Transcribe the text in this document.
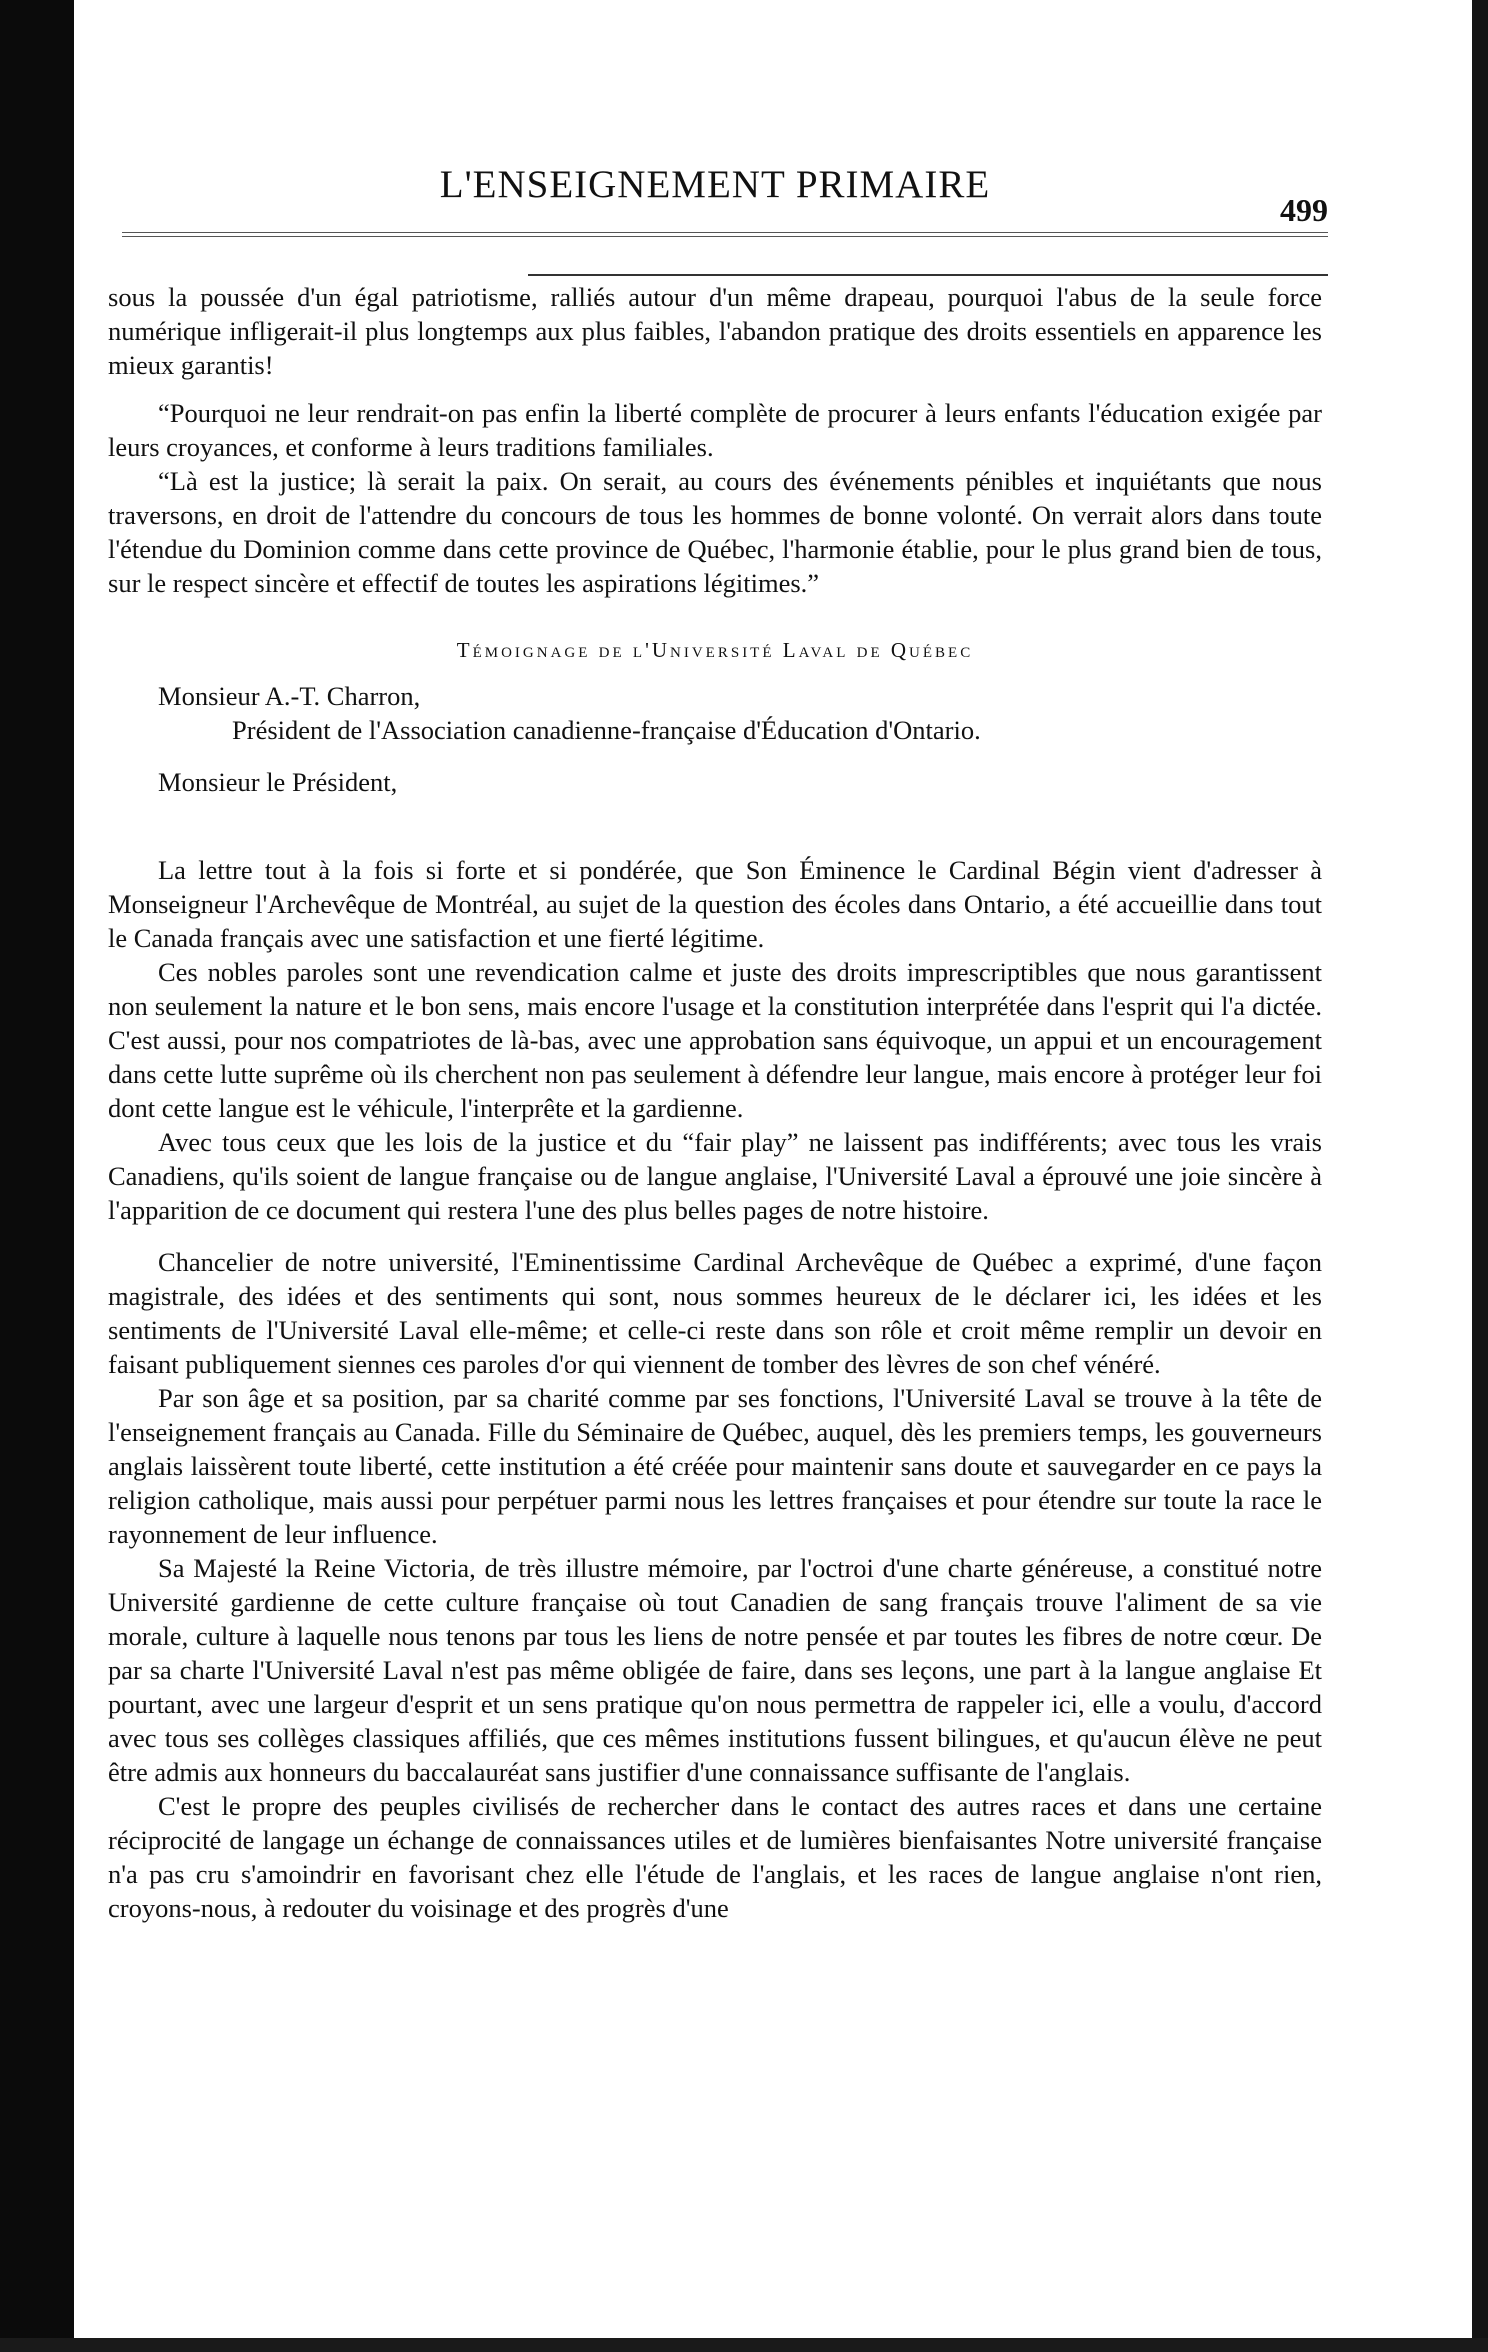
L'ENSEIGNEMENT PRIMAIRE
499

sous la poussée d'un égal patriotisme, ralliés autour d'un même drapeau, pourquoi l'abus de la seule force numérique infligerait-il plus longtemps aux plus faibles, l'abandon pratique des droits essentiels en apparence les mieux garantis!

“Pourquoi ne leur rendrait-on pas enfin la liberté complète de procurer à leurs enfants l'éducation exigée par leurs croyances, et conforme à leurs traditions familiales.

“Là est la justice; là serait la paix. On serait, au cours des événements pénibles et inquiétants que nous traversons, en droit de l'attendre du concours de tous les hommes de bonne volonté. On verrait alors dans toute l'étendue du Dominion comme dans cette province de Québec, l'harmonie établie, pour le plus grand bien de tous, sur le respect sincère et effectif de toutes les aspirations légitimes.”

Témoignage de l'Université Laval de Québec

Monsieur A.-T. Charron,

Président de l'Association canadienne-française d'Éducation d'Ontario.

Monsieur le Président,

La lettre tout à la fois si forte et si pondérée, que Son Éminence le Cardinal Bégin vient d'adresser à Monseigneur l'Archevêque de Montréal, au sujet de la question des écoles dans Ontario, a été accueillie dans tout le Canada français avec une satisfaction et une fierté légitime.

Ces nobles paroles sont une revendication calme et juste des droits imprescriptibles que nous garantissent non seulement la nature et le bon sens, mais encore l'usage et la constitution interprétée dans l'esprit qui l'a dictée. C'est aussi, pour nos compatriotes de là-bas, avec une approbation sans équivoque, un appui et un encouragement dans cette lutte suprême où ils cherchent non pas seulement à défendre leur langue, mais encore à protéger leur foi dont cette langue est le véhicule, l'interprête et la gardienne.

Avec tous ceux que les lois de la justice et du “fair play” ne laissent pas indifférents; avec tous les vrais Canadiens, qu'ils soient de langue française ou de langue anglaise, l'Université Laval a éprouvé une joie sincère à l'apparition de ce document qui restera l'une des plus belles pages de notre histoire.

Chancelier de notre université, l'Eminentissime Cardinal Archevêque de Québec a exprimé, d'une façon magistrale, des idées et des sentiments qui sont, nous sommes heureux de le déclarer ici, les idées et les sentiments de l'Université Laval elle-même; et celle-ci reste dans son rôle et croit même remplir un devoir en faisant publiquement siennes ces paroles d'or qui viennent de tomber des lèvres de son chef vénéré.

Par son âge et sa position, par sa charité comme par ses fonctions, l'Université Laval se trouve à la tête de l'enseignement français au Canada. Fille du Séminaire de Québec, auquel, dès les premiers temps, les gouverneurs anglais laissèrent toute liberté, cette institution a été créée pour maintenir sans doute et sauvegarder en ce pays la religion catholique, mais aussi pour perpétuer parmi nous les lettres françaises et pour étendre sur toute la race le rayonnement de leur influence.

Sa Majesté la Reine Victoria, de très illustre mémoire, par l'octroi d'une charte généreuse, a constitué notre Université gardienne de cette culture française où tout Canadien de sang français trouve l'aliment de sa vie morale, culture à laquelle nous tenons par tous les liens de notre pensée et par toutes les fibres de notre cœur. De par sa charte l'Université Laval n'est pas même obligée de faire, dans ses leçons, une part à la langue anglaise Et pourtant, avec une largeur d'esprit et un sens pratique qu'on nous permettra de rappeler ici, elle a voulu, d'accord avec tous ses collèges classiques affiliés, que ces mêmes institutions fussent bilingues, et qu'aucun élève ne peut être admis aux honneurs du baccalauréat sans justifier d'une connaissance suffisante de l'anglais.

C'est le propre des peuples civilisés de rechercher dans le contact des autres races et dans une certaine réciprocité de langage un échange de connaissances utiles et de lumières bienfaisantes Notre université française n'a pas cru s'amoindrir en favorisant chez elle l'étude de l'anglais, et les races de langue anglaise n'ont rien, croyons-nous, à redouter du voisinage et des progrès d'une
